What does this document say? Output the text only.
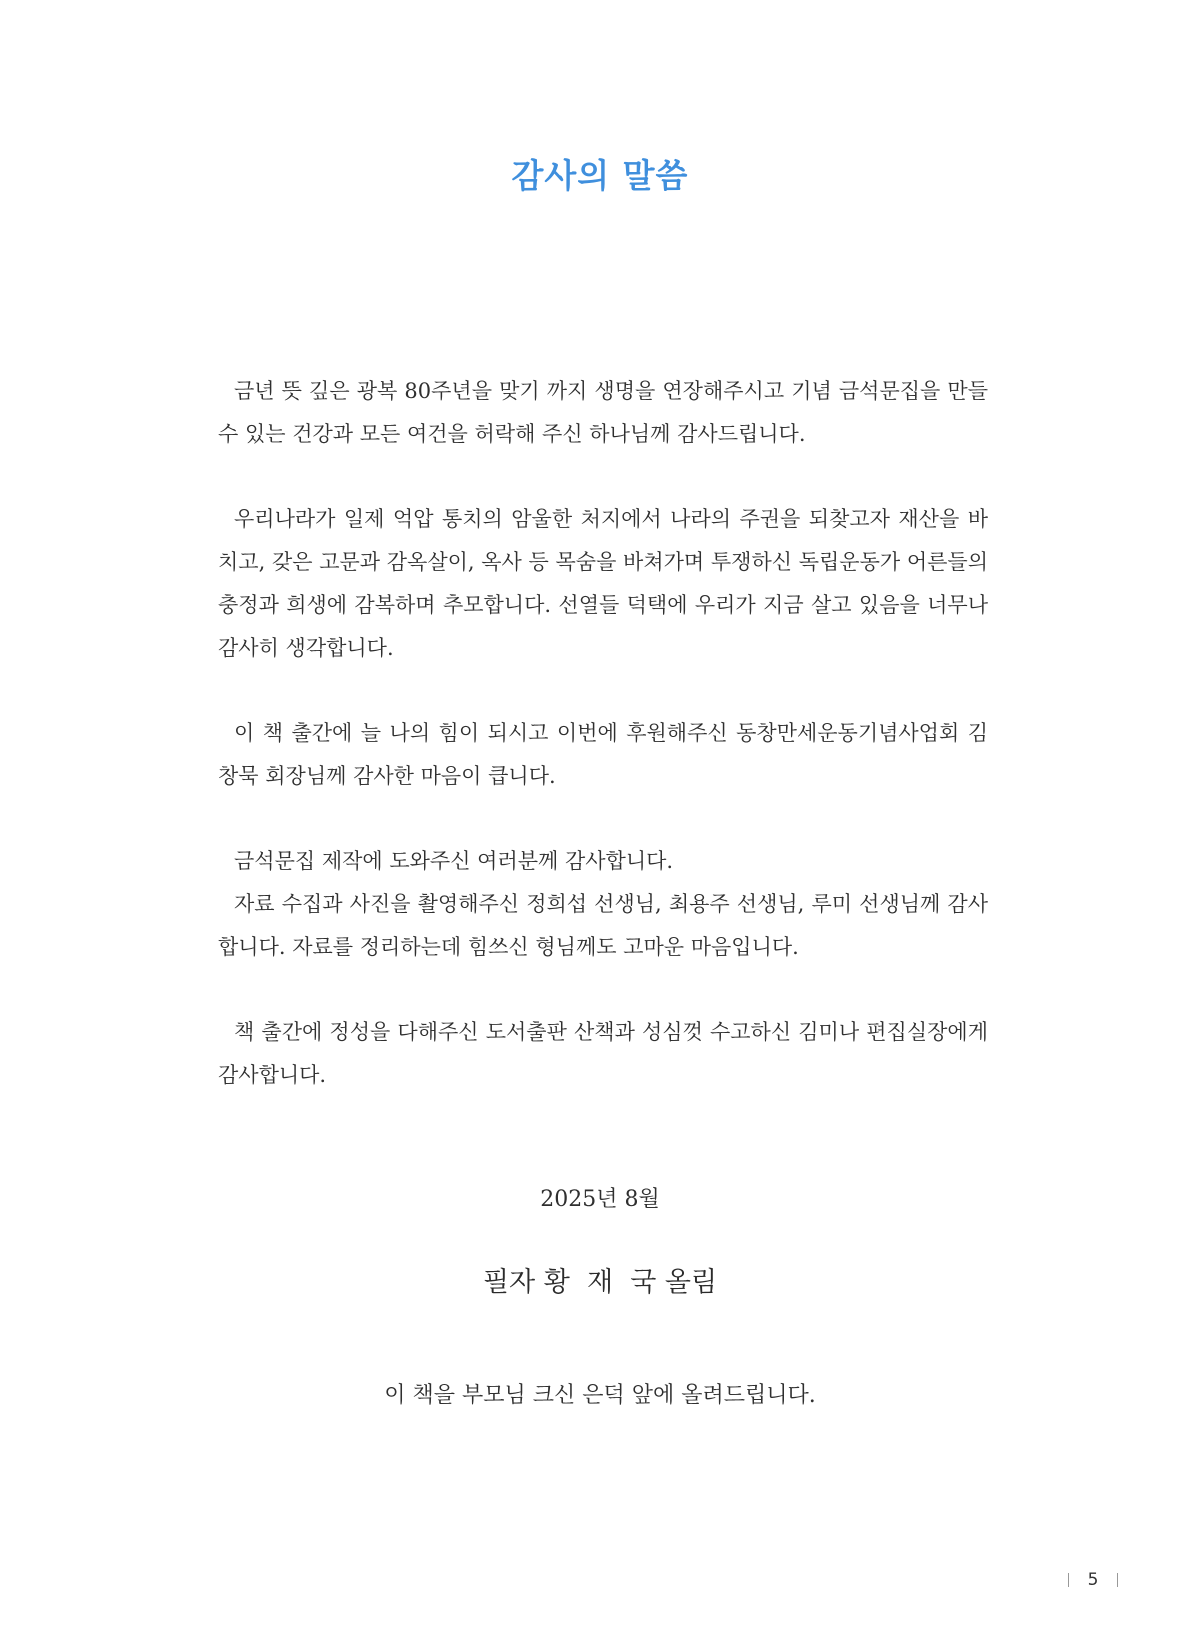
감사의 말씀

금년 뜻 깊은 광복 80주년을 맞기 까지 생명을 연장해주시고 기념 금석문집을 만들 수 있는 건강과 모든 여건을 허락해 주신 하나님께 감사드립니다.

우리나라가 일제 억압 통치의 암울한 처지에서 나라의 주권을 되찾고자 재산을 바치고, 갖은 고문과 감옥살이, 옥사 등 목숨을 바쳐가며 투쟁하신 독립운동가 어른들의 충정과 희생에 감복하며 추모합니다. 선열들 덕택에 우리가 지금 살고 있음을 너무나 감사히 생각합니다.

이 책 출간에 늘 나의 힘이 되시고 이번에 후원해주신 동창만세운동기념사업회 김창묵 회장님께 감사한 마음이 큽니다.

금석문집 제작에 도와주신 여러분께 감사합니다.

자료 수집과 사진을 촬영해주신 정희섭 선생님, 최용주 선생님, 루미 선생님께 감사합니다. 자료를 정리하는데 힘쓰신 형님께도 고마운 마음입니다.

책 출간에 정성을 다해주신 도서출판 산책과 성심껏 수고하신 김미나 편집실장에게 감사합니다.

2025년 8월
필자 황  재  국 올림
이 책을 부모님 크신 은덕 앞에 올려드립니다.
5
